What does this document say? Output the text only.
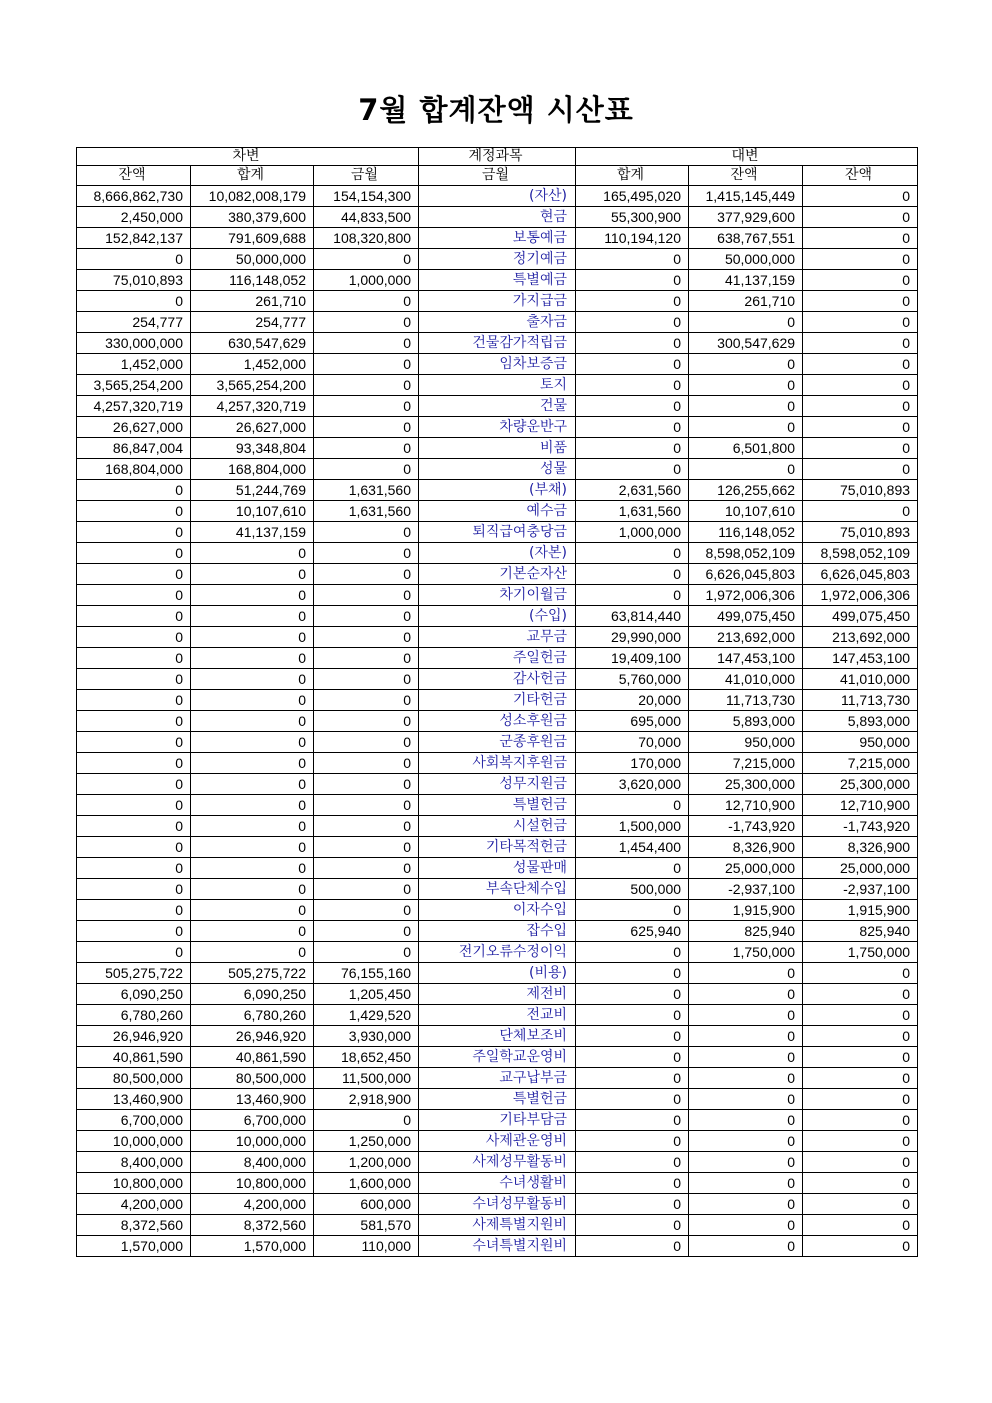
7월 합계잔액 시산표
차변			계정과목	대변		
잔액	합계	금월	금월	합계	잔액	잔액
8,666,862,730	10,082,008,179	154,154,300	(자산)	165,495,020	1,415,145,449	0
2,450,000	380,379,600	44,833,500	현금	55,300,900	377,929,600	0
152,842,137	791,609,688	108,320,800	보통예금	110,194,120	638,767,551	0
0	50,000,000	0	정기예금	0	50,000,000	0
75,010,893	116,148,052	1,000,000	특별예금	0	41,137,159	0
0	261,710	0	가지급금	0	261,710	0
254,777	254,777	0	출자금	0	0	0
330,000,000	630,547,629	0	건물감가적립금	0	300,547,629	0
1,452,000	1,452,000	0	임차보증금	0	0	0
3,565,254,200	3,565,254,200	0	토지	0	0	0
4,257,320,719	4,257,320,719	0	건물	0	0	0
26,627,000	26,627,000	0	차량운반구	0	0	0
86,847,004	93,348,804	0	비품	0	6,501,800	0
168,804,000	168,804,000	0	성물	0	0	0
0	51,244,769	1,631,560	(부채)	2,631,560	126,255,662	75,010,893
0	10,107,610	1,631,560	예수금	1,631,560	10,107,610	0
0	41,137,159	0	퇴직급여충당금	1,000,000	116,148,052	75,010,893
0	0	0	(자본)	0	8,598,052,109	8,598,052,109
0	0	0	기본순자산	0	6,626,045,803	6,626,045,803
0	0	0	차기이월금	0	1,972,006,306	1,972,006,306
0	0	0	(수입)	63,814,440	499,075,450	499,075,450
0	0	0	교무금	29,990,000	213,692,000	213,692,000
0	0	0	주일헌금	19,409,100	147,453,100	147,453,100
0	0	0	감사헌금	5,760,000	41,010,000	41,010,000
0	0	0	기타헌금	20,000	11,713,730	11,713,730
0	0	0	성소후원금	695,000	5,893,000	5,893,000
0	0	0	군종후원금	70,000	950,000	950,000
0	0	0	사회복지후원금	170,000	7,215,000	7,215,000
0	0	0	성무지원금	3,620,000	25,300,000	25,300,000
0	0	0	특별헌금	0	12,710,900	12,710,900
0	0	0	시설헌금	1,500,000	-1,743,920	-1,743,920
0	0	0	기타목적헌금	1,454,400	8,326,900	8,326,900
0	0	0	성물판매	0	25,000,000	25,000,000
0	0	0	부속단체수입	500,000	-2,937,100	-2,937,100
0	0	0	이자수입	0	1,915,900	1,915,900
0	0	0	잡수입	625,940	825,940	825,940
0	0	0	전기오류수정이익	0	1,750,000	1,750,000
505,275,722	505,275,722	76,155,160	(비용)	0	0	0
6,090,250	6,090,250	1,205,450	제전비	0	0	0
6,780,260	6,780,260	1,429,520	전교비	0	0	0
26,946,920	26,946,920	3,930,000	단체보조비	0	0	0
40,861,590	40,861,590	18,652,450	주일학교운영비	0	0	0
80,500,000	80,500,000	11,500,000	교구납부금	0	0	0
13,460,900	13,460,900	2,918,900	특별헌금	0	0	0
6,700,000	6,700,000	0	기타부담금	0	0	0
10,000,000	10,000,000	1,250,000	사제관운영비	0	0	0
8,400,000	8,400,000	1,200,000	사제성무활동비	0	0	0
10,800,000	10,800,000	1,600,000	수녀생활비	0	0	0
4,200,000	4,200,000	600,000	수녀성무활동비	0	0	0
8,372,560	8,372,560	581,570	사제특별지원비	0	0	0
1,570,000	1,570,000	110,000	수녀특별지원비	0	0	0
